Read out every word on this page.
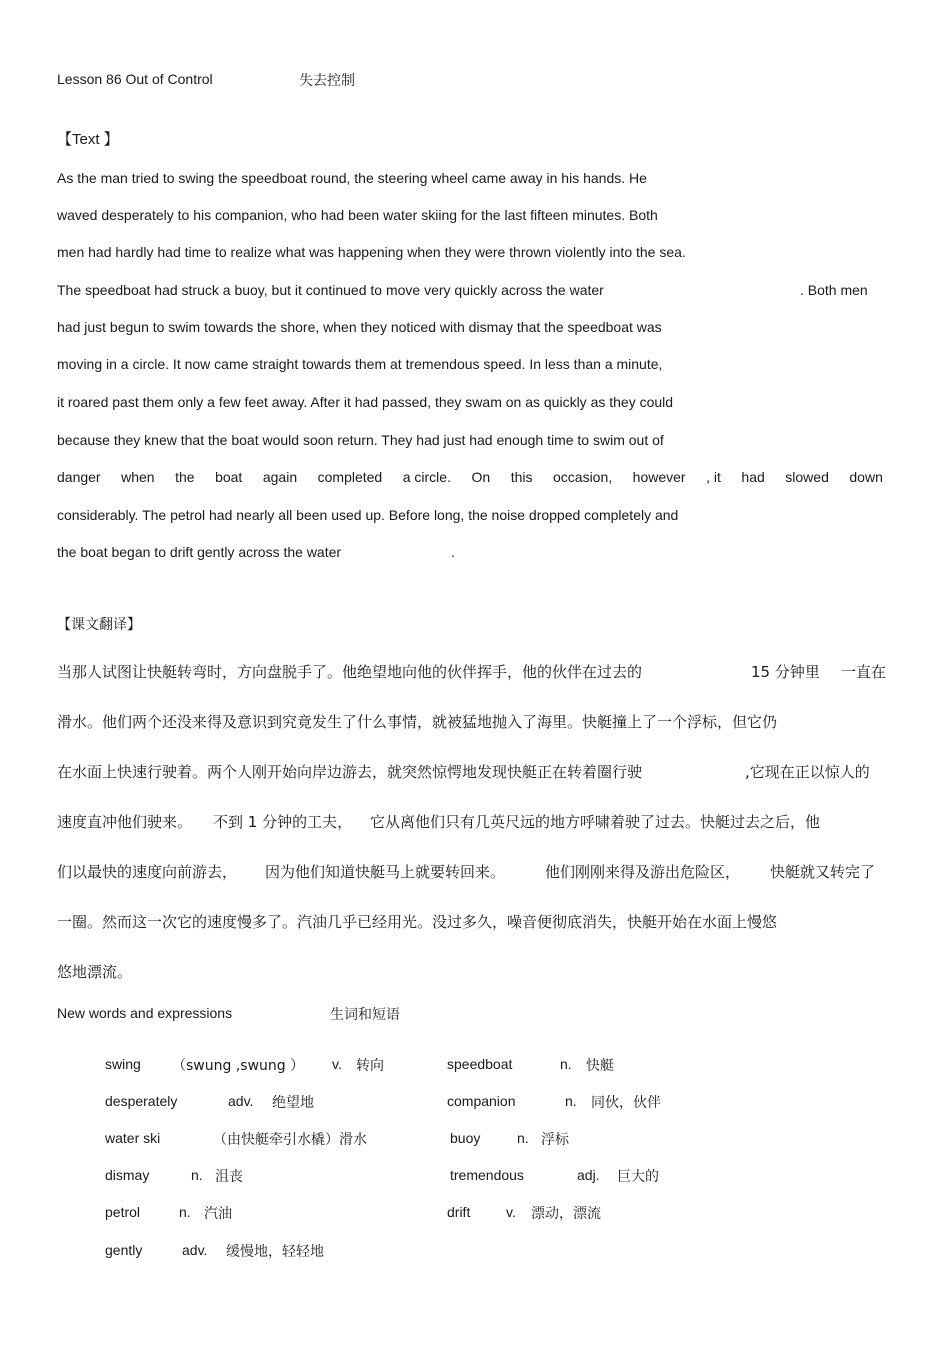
Lesson 86 Out of Control	失去控制
【Text 】
As the man tried to swing the speedboat round, the steering wheel came away in his hands. He
waved desperately to his companion, who had been water skiing for the last fifteen minutes. Both
men had hardly had time to realize what was happening when they were thrown violently into the sea.
The speedboat had struck a buoy, but it continued to move very quickly across the water	. Both men
had just begun to swim towards the shore, when they noticed with dismay that the speedboat was
moving in a circle. It now came straight towards them at tremendous speed. In less than a minute,
it roared past them only a few feet away. After it had passed, they swam on as quickly as they could
because they knew that the boat would soon return. They had just had enough time to swim out of
danger when the boat again completed a circle. On this occasion, however , it had slowed down
considerably. The petrol had nearly all been used up. Before long, the noise dropped completely and
the boat began to drift gently across the water	.
【课文翻译】
当那人试图让快艇转弯时，方向盘脱手了。他绝望地向他的伙伴挥手，他的伙伴在过去的	15 分钟里 一直在
滑水。他们两个还没来得及意识到究竟发生了什么事情，就被猛地抛入了海里。快艇撞上了一个浮标，但它仍
在水面上快速行驶着。两个人刚开始向岸边游去，就突然惊愕地发现快艇正在转着圈行驶	,它现在正以惊人的
速度直冲他们驶来。 不到 1 分钟的工夫， 它从离他们只有几英尺远的地方呼啸着驶了过去。快艇过去之后，他
们以最快的速度向前游去， 因为他们知道快艇马上就要转回来。	他们刚刚来得及游出危险区， 快艇就又转完了
一圈。然而这一次它的速度慢多了。汽油几乎已经用光。没过多久，噪音便彻底消失，快艇开始在水面上慢悠
悠地漂流。
New words and expressions	生词和短语
swing （swung ,swung ） v. 转向	speedboat	n. 快艇
desperately	adv. 绝望地	companion	n. 同伙，伙伴
water ski	（由快艇牵引水橇）滑水	buoy	n. 浮标
dismay	n. 沮丧	tremendous	adj. 巨大的
petrol	n. 汽油	drift	v. 漂动，漂流
gently	adv. 缓慢地，轻轻地
